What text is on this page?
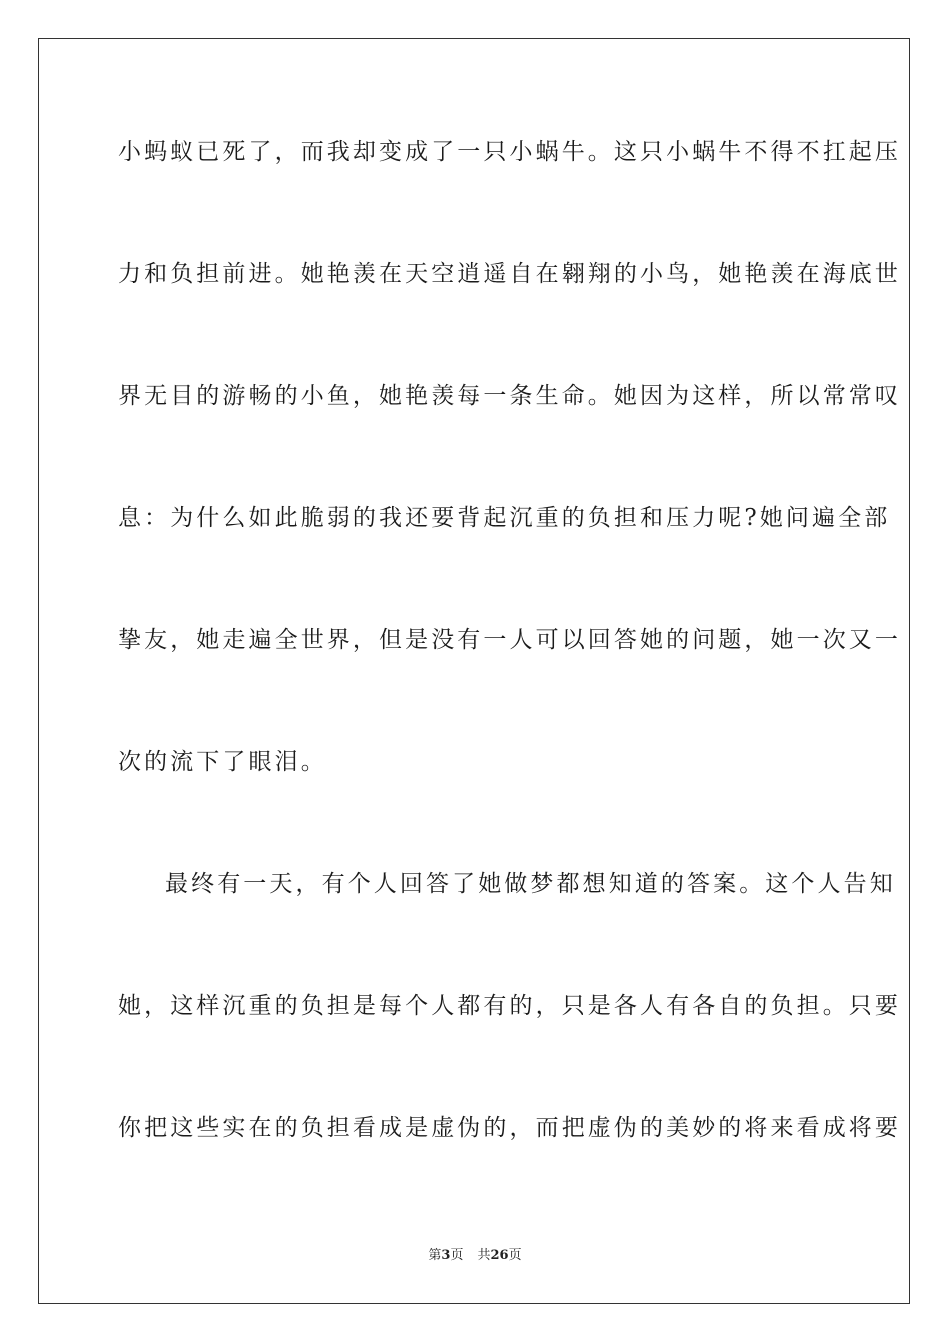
小蚂蚁已死了，而我却变成了一只小蜗牛。这只小蜗牛不得不扛起压

力和负担前进。她艳羡在天空逍遥自在翱翔的小鸟，她艳羡在海底世

界无目的游畅的小鱼，她艳羡每一条生命。她因为这样，所以常常叹

息：为什么如此脆弱的我还要背起沉重的负担和压力呢?她问遍全部

挚友，她走遍全世界，但是没有一人可以回答她的问题，她一次又一

次的流下了眼泪。

最终有一天，有个人回答了她做梦都想知道的答案。这个人告知

她，这样沉重的负担是每个人都有的，只是各人有各自的负担。只要

你把这些实在的负担看成是虚伪的，而把虚伪的美妙的将来看成将要

第3页 共26页
